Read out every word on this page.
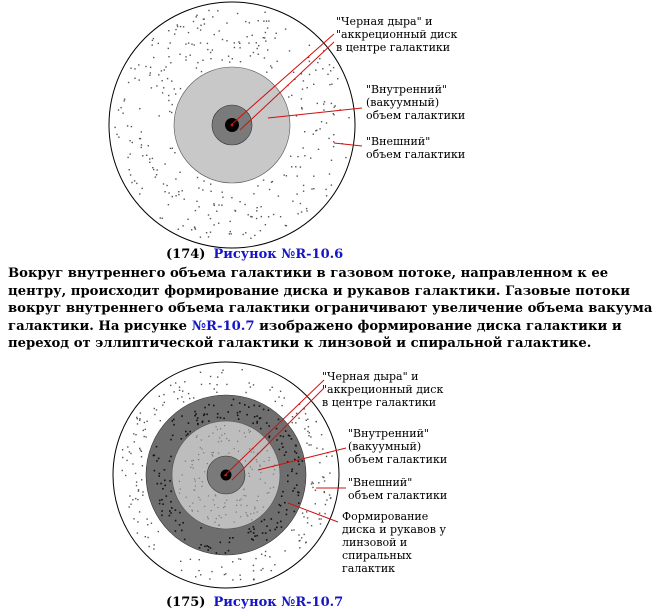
"Черная дыра" и
"аккреционный диск
в центре галактики
"Внутренний"
(вакуумный)
объем галактики
"Внешний"
объем галактики
(174) Рисунок №R-10.6
Вокруг внутреннего объема галактики в газовом потоке, направленном к ее центру, происходит формирование диска и рукавов галактики. Газовые потоки вокруг внутреннего объема галактики ограничивают увеличение объема вакуума галактики. На рисунке №R-10.7 изображено формирование диска галактики и переход от эллиптической галактики к линзовой и спиральной галактике.
"Черная дыра" и
"аккреционный диск
в центре галактики
"Внутренний"
(вакуумный)
объем галактики
"Внешний"
объем галактики
Формирование
диска и рукавов у
линзовой и
спиральных
галактик
(175) Рисунок №R-10.7
